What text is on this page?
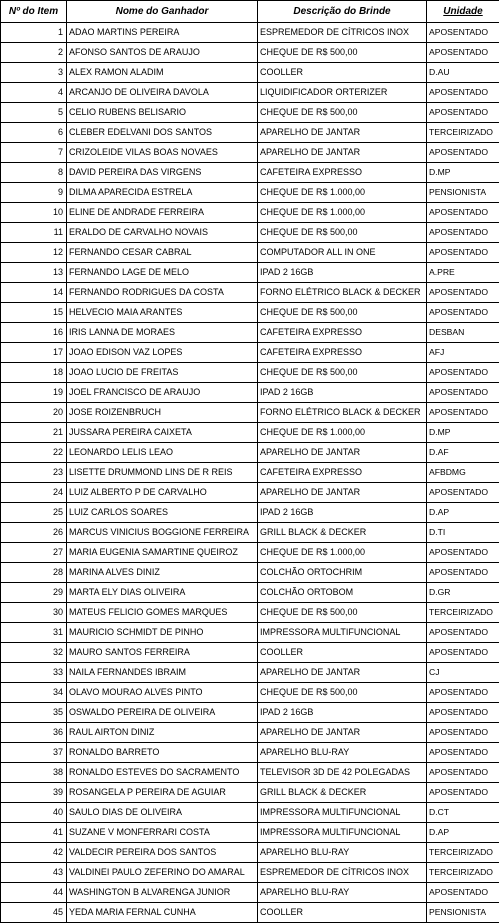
Nº do Item	Nome do Ganhador	Descrição do Brinde	Unidade
1	ADAO MARTINS PEREIRA	ESPREMEDOR DE CÍTRICOS INOX	APOSENTADO
2	AFONSO SANTOS DE ARAUJO	CHEQUE DE R$ 500,00	APOSENTADO
3	ALEX RAMON ALADIM	COOLLER	D.AU
4	ARCANJO DE OLIVEIRA DAVOLA	LIQUIDIFICADOR ORTERIZER	APOSENTADO
5	CELIO RUBENS BELISARIO	CHEQUE DE R$ 500,00	APOSENTADO
6	CLEBER EDELVANI DOS SANTOS	APARELHO DE JANTAR	TERCEIRIZADO
7	CRIZOLEIDE VILAS BOAS NOVAES	APARELHO DE JANTAR	APOSENTADO
8	DAVID PEREIRA DAS VIRGENS	CAFETEIRA EXPRESSO	D.MP
9	DILMA APARECIDA ESTRELA	CHEQUE DE R$ 1.000,00	PENSIONISTA
10	ELINE DE ANDRADE FERREIRA	CHEQUE DE R$ 1.000,00	APOSENTADO
11	ERALDO DE CARVALHO NOVAIS	CHEQUE DE R$ 500,00	APOSENTADO
12	FERNANDO CESAR CABRAL	COMPUTADOR ALL IN ONE	APOSENTADO
13	FERNANDO LAGE DE MELO	IPAD 2 16GB	A.PRE
14	FERNANDO RODRIGUES DA COSTA	FORNO ELÉTRICO BLACK & DECKER	APOSENTADO
15	HELVECIO MAIA ARANTES	CHEQUE DE R$ 500,00	APOSENTADO
16	IRIS LANNA DE MORAES	CAFETEIRA EXPRESSO	DESBAN
17	JOAO EDISON VAZ LOPES	CAFETEIRA EXPRESSO	AFJ
18	JOAO LUCIO DE FREITAS	CHEQUE DE R$ 500,00	APOSENTADO
19	JOEL FRANCISCO DE ARAUJO	IPAD 2 16GB	APOSENTADO
20	JOSE ROIZENBRUCH	FORNO ELÉTRICO BLACK & DECKER	APOSENTADO
21	JUSSARA PEREIRA CAIXETA	CHEQUE DE R$ 1.000,00	D.MP
22	LEONARDO LELIS LEAO	APARELHO DE JANTAR	D.AF
23	LISETTE DRUMMOND LINS DE R REIS	CAFETEIRA EXPRESSO	AFBDMG
24	LUIZ ALBERTO P DE CARVALHO	APARELHO DE JANTAR	APOSENTADO
25	LUIZ CARLOS SOARES	IPAD 2 16GB	D.AP
26	MARCUS VINICIUS BOGGIONE FERREIRA	GRILL BLACK & DECKER	D.TI
27	MARIA EUGENIA SAMARTINE QUEIROZ	CHEQUE DE R$ 1.000,00	APOSENTADO
28	MARINA ALVES DINIZ	COLCHÃO ORTOCHRIM	APOSENTADO
29	MARTA ELY DIAS OLIVEIRA	COLCHÃO ORTOBOM	D.GR
30	MATEUS FELICIO GOMES MARQUES	CHEQUE DE R$ 500,00	TERCEIRIZADO
31	MAURICIO SCHMIDT DE PINHO	IMPRESSORA MULTIFUNCIONAL	APOSENTADO
32	MAURO SANTOS FERREIRA	COOLLER	APOSENTADO
33	NAILA FERNANDES IBRAIM	APARELHO DE JANTAR	CJ
34	OLAVO MOURAO ALVES PINTO	CHEQUE DE R$ 500,00	APOSENTADO
35	OSWALDO PEREIRA DE OLIVEIRA	IPAD 2 16GB	APOSENTADO
36	RAUL AIRTON DINIZ	APARELHO DE JANTAR	APOSENTADO
37	RONALDO BARRETO	APARELHO BLU-RAY	APOSENTADO
38	RONALDO ESTEVES DO SACRAMENTO	TELEVISOR 3D DE 42 POLEGADAS	APOSENTADO
39	ROSANGELA P PEREIRA DE AGUIAR	GRILL BLACK & DECKER	APOSENTADO
40	SAULO DIAS DE OLIVEIRA	IMPRESSORA MULTIFUNCIONAL	D.CT
41	SUZANE V MONFERRARI COSTA	IMPRESSORA MULTIFUNCIONAL	D.AP
42	VALDECIR PEREIRA DOS SANTOS	APARELHO BLU-RAY	TERCEIRIZADO
43	VALDINEI PAULO ZEFERINO DO AMARAL	ESPREMEDOR DE CÍTRICOS INOX	TERCEIRIZADO
44	WASHINGTON B ALVARENGA JUNIOR	APARELHO BLU-RAY	APOSENTADO
45	YEDA MARIA FERNAL CUNHA	COOLLER	PENSIONISTA
